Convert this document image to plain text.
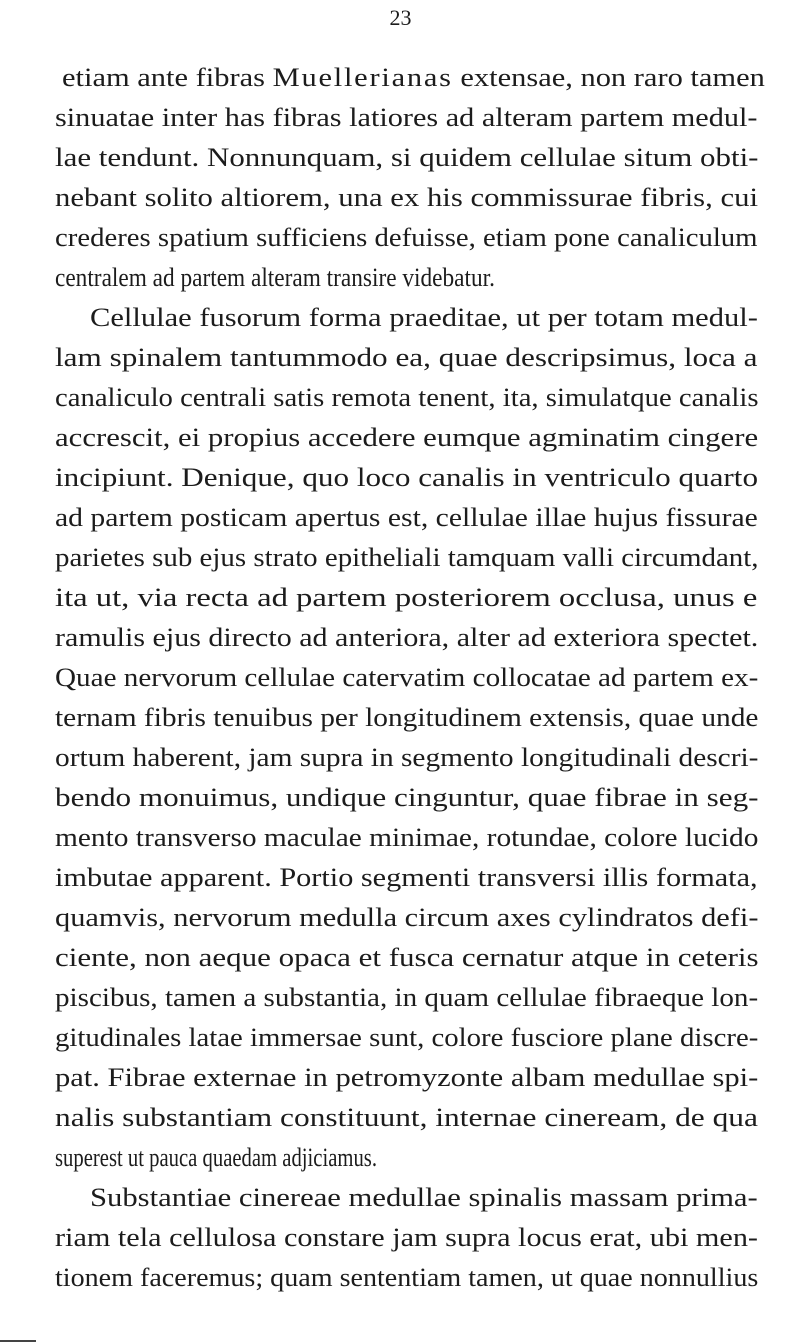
23
etiam ante fibras Muellerianas extensae, non raro tamen
sinuatae inter has fibras latiores ad alteram partem medul-
lae tendunt. Nonnunquam, si quidem cellulae situm obti-
nebant solito altiorem, una ex his commissurae fibris, cui
crederes spatium sufficiens defuisse, etiam pone canaliculum
centralem ad partem alteram transire videbatur.
Cellulae fusorum forma praeditae, ut per totam medul-
lam spinalem tantummodo ea, quae descripsimus, loca a
canaliculo centrali satis remota tenent, ita, simulatque canalis
accrescit, ei propius accedere eumque agminatim cingere
incipiunt. Denique, quo loco canalis in ventriculo quarto
ad partem posticam apertus est, cellulae illae hujus fissurae
parietes sub ejus strato epitheliali tamquam valli circumdant,
ita ut, via recta ad partem posteriorem occlusa, unus e
ramulis ejus directo ad anteriora, alter ad exteriora spectet.
Quae nervorum cellulae catervatim collocatae ad partem ex-
ternam fibris tenuibus per longitudinem extensis, quae unde
ortum haberent, jam supra in segmento longitudinali descri-
bendo monuimus, undique cinguntur, quae fibrae in seg-
mento transverso maculae minimae, rotundae, colore lucido
imbutae apparent. Portio segmenti transversi illis formata,
quamvis, nervorum medulla circum axes cylindratos defi-
ciente, non aeque opaca et fusca cernatur atque in ceteris
piscibus, tamen a substantia, in quam cellulae fibraeque lon-
gitudinales latae immersae sunt, colore fusciore plane discre-
pat. Fibrae externae in petromyzonte albam medullae spi-
nalis substantiam constituunt, internae cineream, de qua
superest ut pauca quaedam adjiciamus.
Substantiae cinereae medullae spinalis massam prima-
riam tela cellulosa constare jam supra locus erat, ubi men-
tionem faceremus; quam sententiam tamen, ut quae nonnullius
